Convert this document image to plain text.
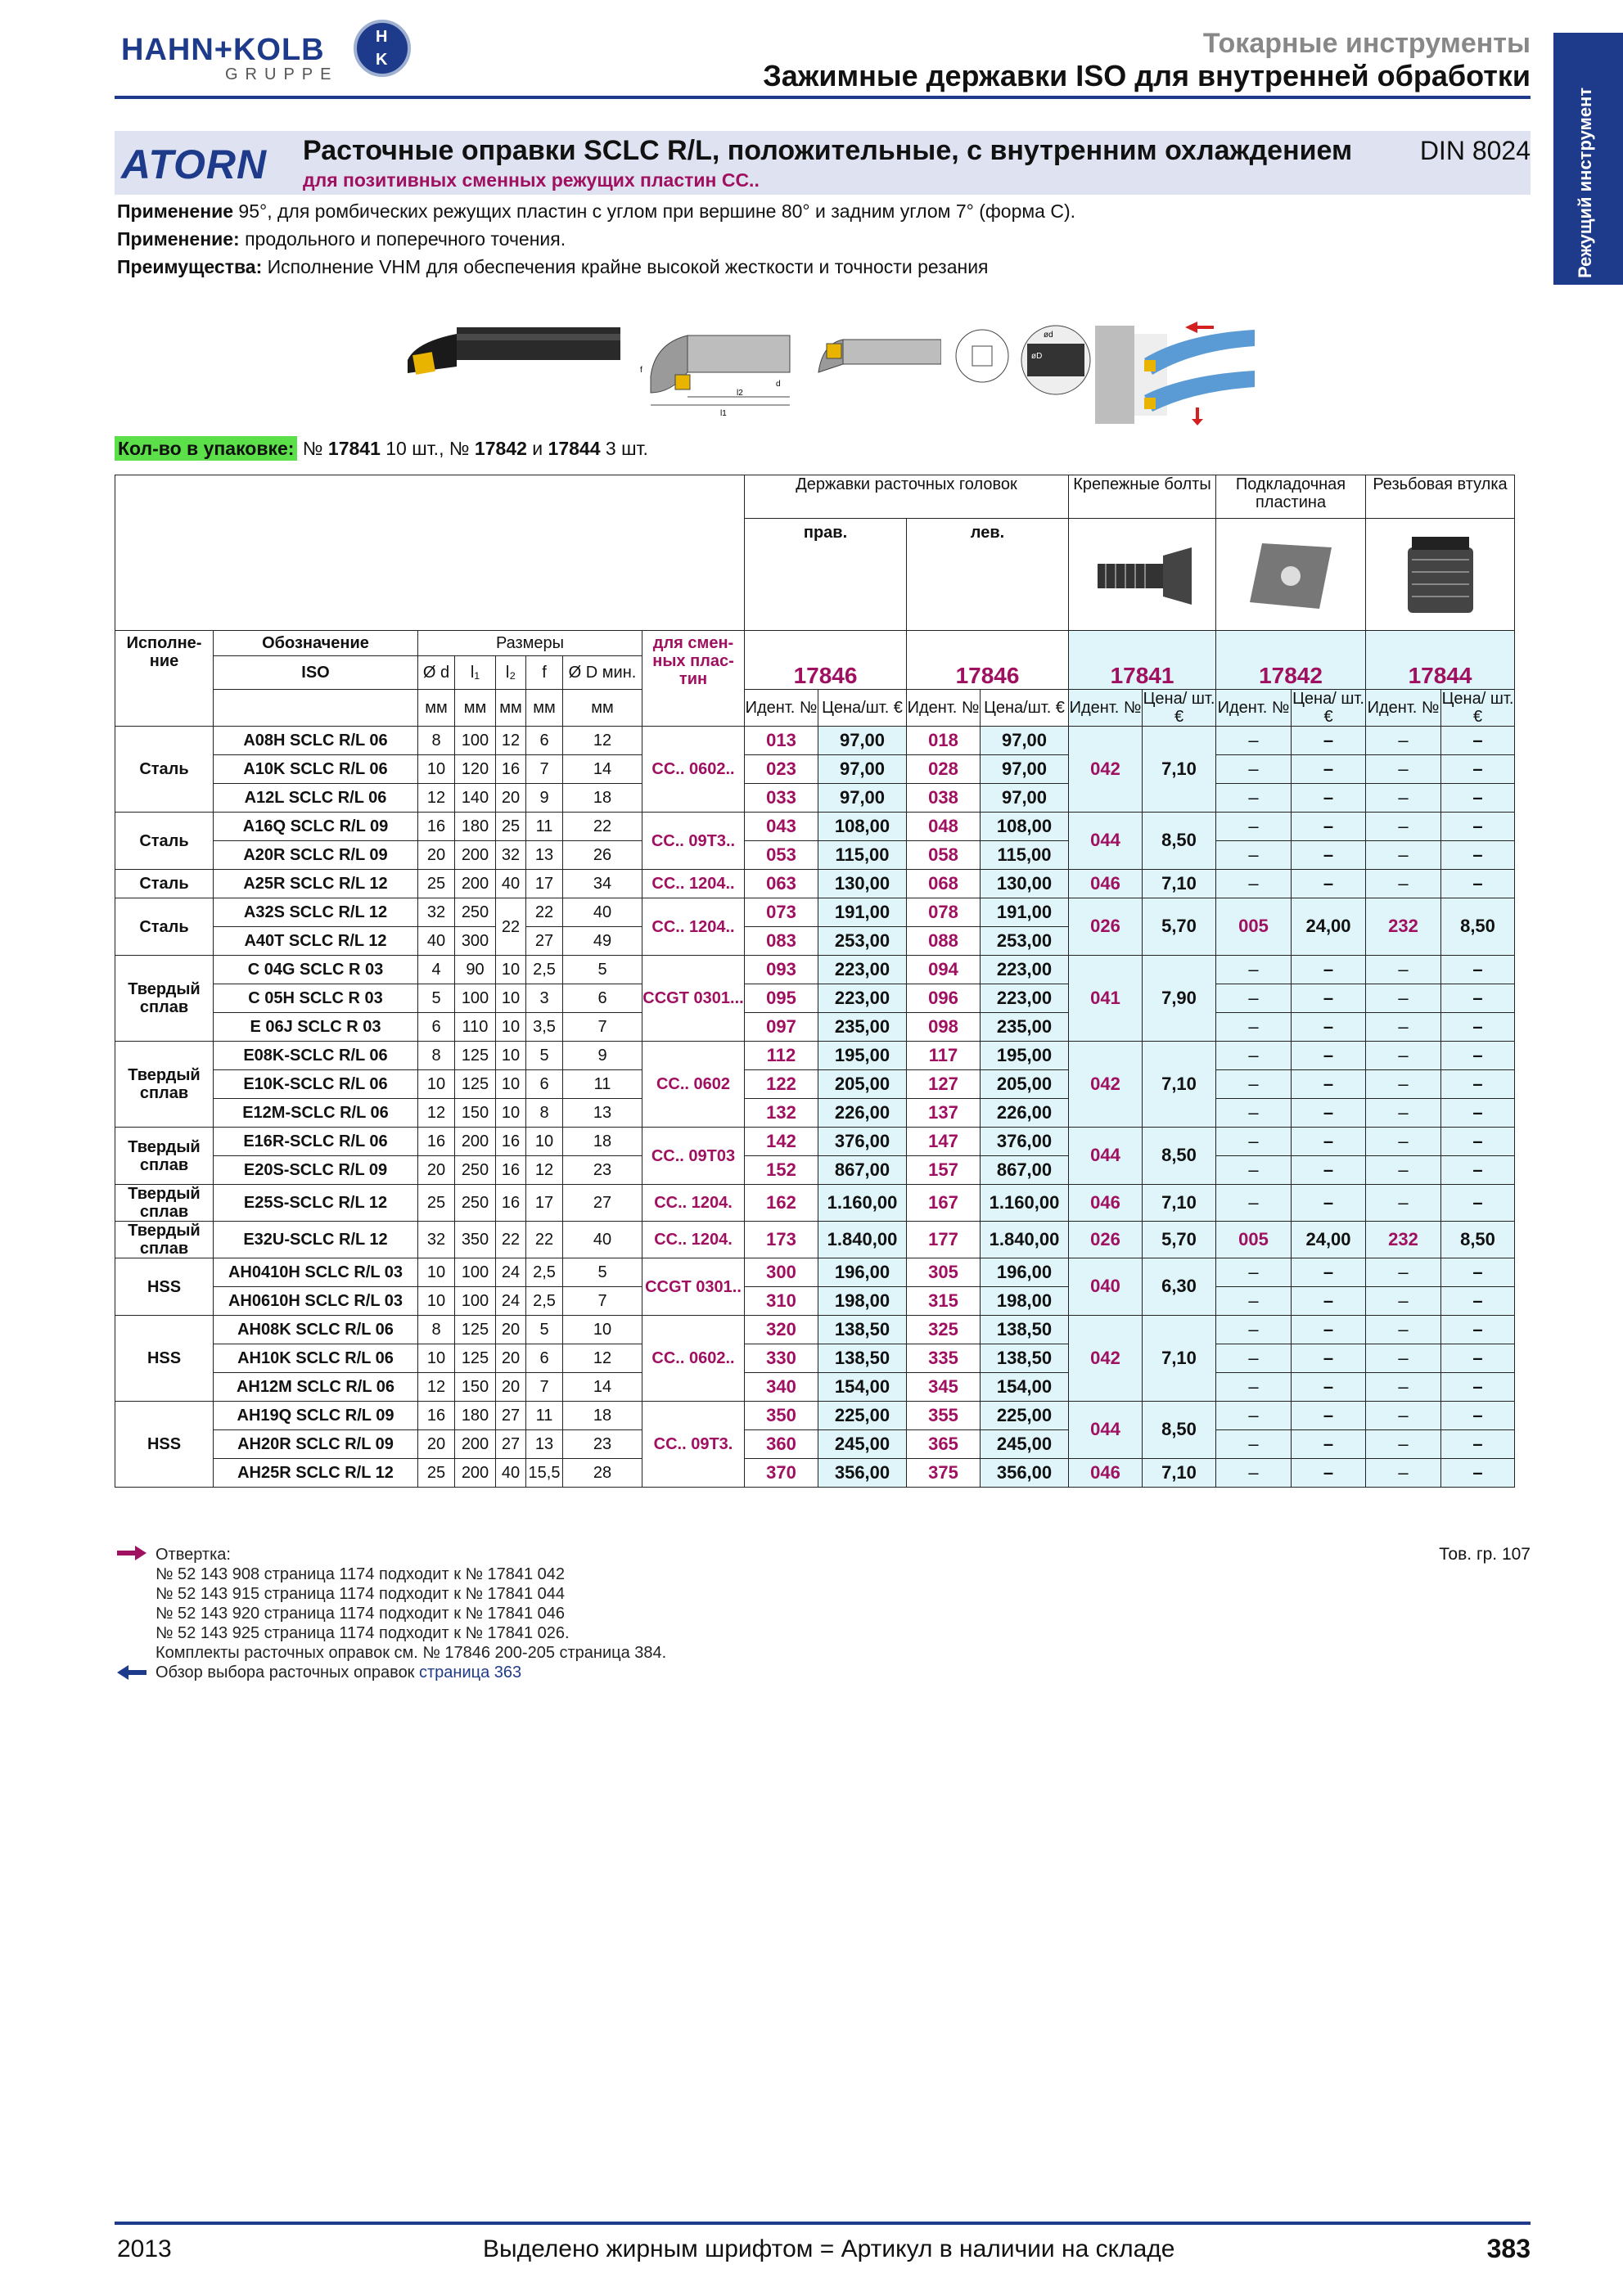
HAHN+KOLB
GRUPPE
H
K
Токарные инструменты
Зажимные державки ISO для внутренней обработки
Режущий инструмент
ATORN Расточные оправки SCLC R/L, положительные, с внутренним охлаждением
для позитивных сменных режущих пластин CC..
DIN 8024
Применение 95°, для ромбических режущих пластин с углом при вершине 80° и задним углом 7° (форма С).
Применение: продольного и поперечного точения.
Преимущества: Исполнение VHM для обеспечения крайне высокой жесткости и точности резания
l2
l1
f
d
ød
øD
Кол-во в упаковке: № 17841 10 шт., № 17842 и 17844 3 шт.
								Державки расточных головок				Крепежные болты		Подкладочная пластина		Резьбовая втулка	
								прав.		лев.			
Исполне-ние	Обозначение	Размеры					для смен-ных плас-тин	17846		17846		17841		17842		17844	
	ISO	Ø d	l₁	l₂	f	Ø D мин.											
		мм	мм	мм	мм	мм		Идент. №	Цена/шт. €	Идент. №	Цена/шт. €	Идент. №	Цена/ шт. €	Идент. №	Цена/ шт. €	Идент. №	Цена/ шт. €
Сталь	A08H SCLC R/L 06	8	100	12	6	12	CC.. 0602..	013	97,00	018	97,00	042	7,10	–	–	–	–
	A10K SCLC R/L 06	10	120	16	7	14		023	97,00	028	97,00			–	–	–	–
	A12L SCLC R/L 06	12	140	20	9	18		033	97,00	038	97,00			–	–	–	–
Сталь	A16Q SCLC R/L 09	16	180	25	11	22	CC.. 09T3..	043	108,00	048	108,00	044	8,50	–	–	–	–
	A20R SCLC R/L 09	20	200	32	13	26		053	115,00	058	115,00			–	–	–	–
Сталь	A25R SCLC R/L 12	25	200	40	17	34	CC.. 1204..	063	130,00	068	130,00	046	7,10	–	–	–	–
Сталь	A32S SCLC R/L 12	32	250	22	22	40	CC.. 1204..	073	191,00	078	191,00	026	5,70	005	24,00	232	8,50
	A40T SCLC R/L 12	40	300		27	49		083	253,00	088	253,00						
Твердый сплав	C 04G SCLC R 03	4	90	10	2,5	5	CCGT 0301...	093	223,00	094	223,00	041	7,90	–	–	–	–
	C 05H SCLC R 03	5	100	10	3	6		095	223,00	096	223,00			–	–	–	–
	E 06J SCLC R 03	6	110	10	3,5	7		097	235,00	098	235,00			–	–	–	–
Твердый сплав	E08K-SCLC R/L 06	8	125	10	5	9	CC.. 0602	112	195,00	117	195,00	042	7,10	–	–	–	–
	E10K-SCLC R/L 06	10	125	10	6	11		122	205,00	127	205,00			–	–	–	–
	E12M-SCLC R/L 06	12	150	10	8	13		132	226,00	137	226,00			–	–	–	–
Твердый сплав	E16R-SCLC R/L 06	16	200	16	10	18	CC.. 09T03	142	376,00	147	376,00	044	8,50	–	–	–	–
	E20S-SCLC R/L 09	20	250	16	12	23		152	867,00	157	867,00			–	–	–	–
Твердый сплав	E25S-SCLC R/L 12	25	250	16	17	27	CC.. 1204.	162	1.160,00	167	1.160,00	046	7,10	–	–	–	–
Твердый сплав	E32U-SCLC R/L 12	32	350	22	22	40	CC.. 1204.	173	1.840,00	177	1.840,00	026	5,70	005	24,00	232	8,50
HSS	AH0410H SCLC R/L 03	10	100	24	2,5	5	CCGT 0301..	300	196,00	305	196,00	040	6,30	–	–	–	–
	AH0610H SCLC R/L 03	10	100	24	2,5	7		310	198,00	315	198,00			–	–	–	–
HSS	AH08K SCLC R/L 06	8	125	20	5	10	CC.. 0602..	320	138,50	325	138,50	042	7,10	–	–	–	–
	AH10K SCLC R/L 06	10	125	20	6	12		330	138,50	335	138,50			–	–	–	–
	AH12M SCLC R/L 06	12	150	20	7	14		340	154,00	345	154,00			–	–	–	–
HSS	AH19Q SCLC R/L 09	16	180	27	11	18	CC.. 09T3.	350	225,00	355	225,00	044	8,50	–	–	–	–
	AH20R SCLC R/L 09	20	200	27	13	23		360	245,00	365	245,00			–	–	–	–
	AH25R SCLC R/L 12	25	200	40	15,5	28		370	356,00	375	356,00	046	7,10	–	–	–	–
Отвертка:
№ 52 143 908 страница 1174 подходит к № 17841 042
№ 52 143 915 страница 1174 подходит к № 17841 044
№ 52 143 920 страница 1174 подходит к № 17841 046
№ 52 143 925 страница 1174 подходит к № 17841 026.
Комплекты расточных оправок см. № 17846 200-205 страница 384.
Обзор выбора расточных оправок страница 363
Тов. гр. 107
2013	Выделено жирным шрифтом = Артикул в наличии на складе	383
